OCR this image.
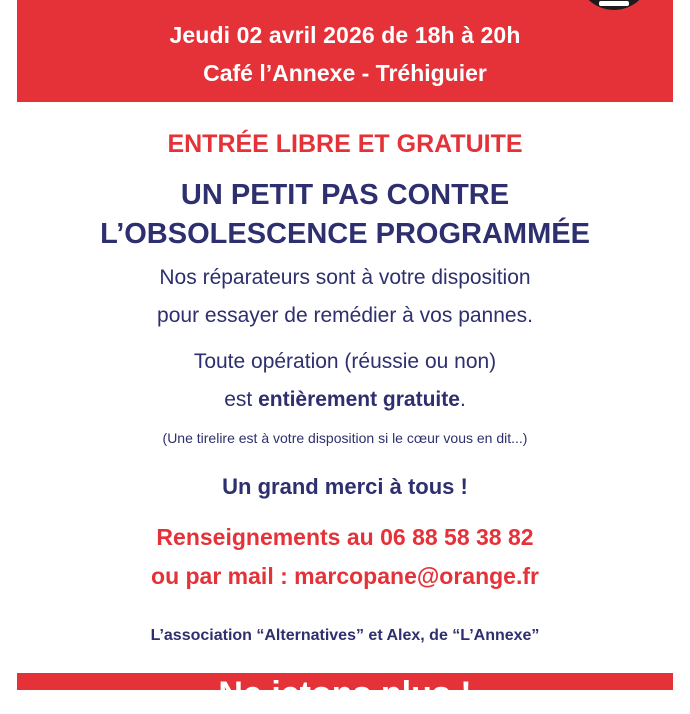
Jeudi 02 avril 2026 de 18h à 20h
Café l’Annexe - Tréhiguier
ENTRÉE LIBRE ET GRATUITE
UN PETIT PAS CONTRE
L’OBSOLESCENCE PROGRAMMÉE
Nos réparateurs sont à votre disposition
pour essayer de remédier à vos pannes.
Toute opération (réussie ou non)
est entièrement gratuite.
(Une tirelire est à votre disposition si le cœur vous en dit...)
Un grand merci à tous !
Renseignements au 06 88 58 38 82
ou par mail : marcopane@orange.fr
L’association “Alternatives” et Alex, de “L’Annexe”
Ne jetons plus !
